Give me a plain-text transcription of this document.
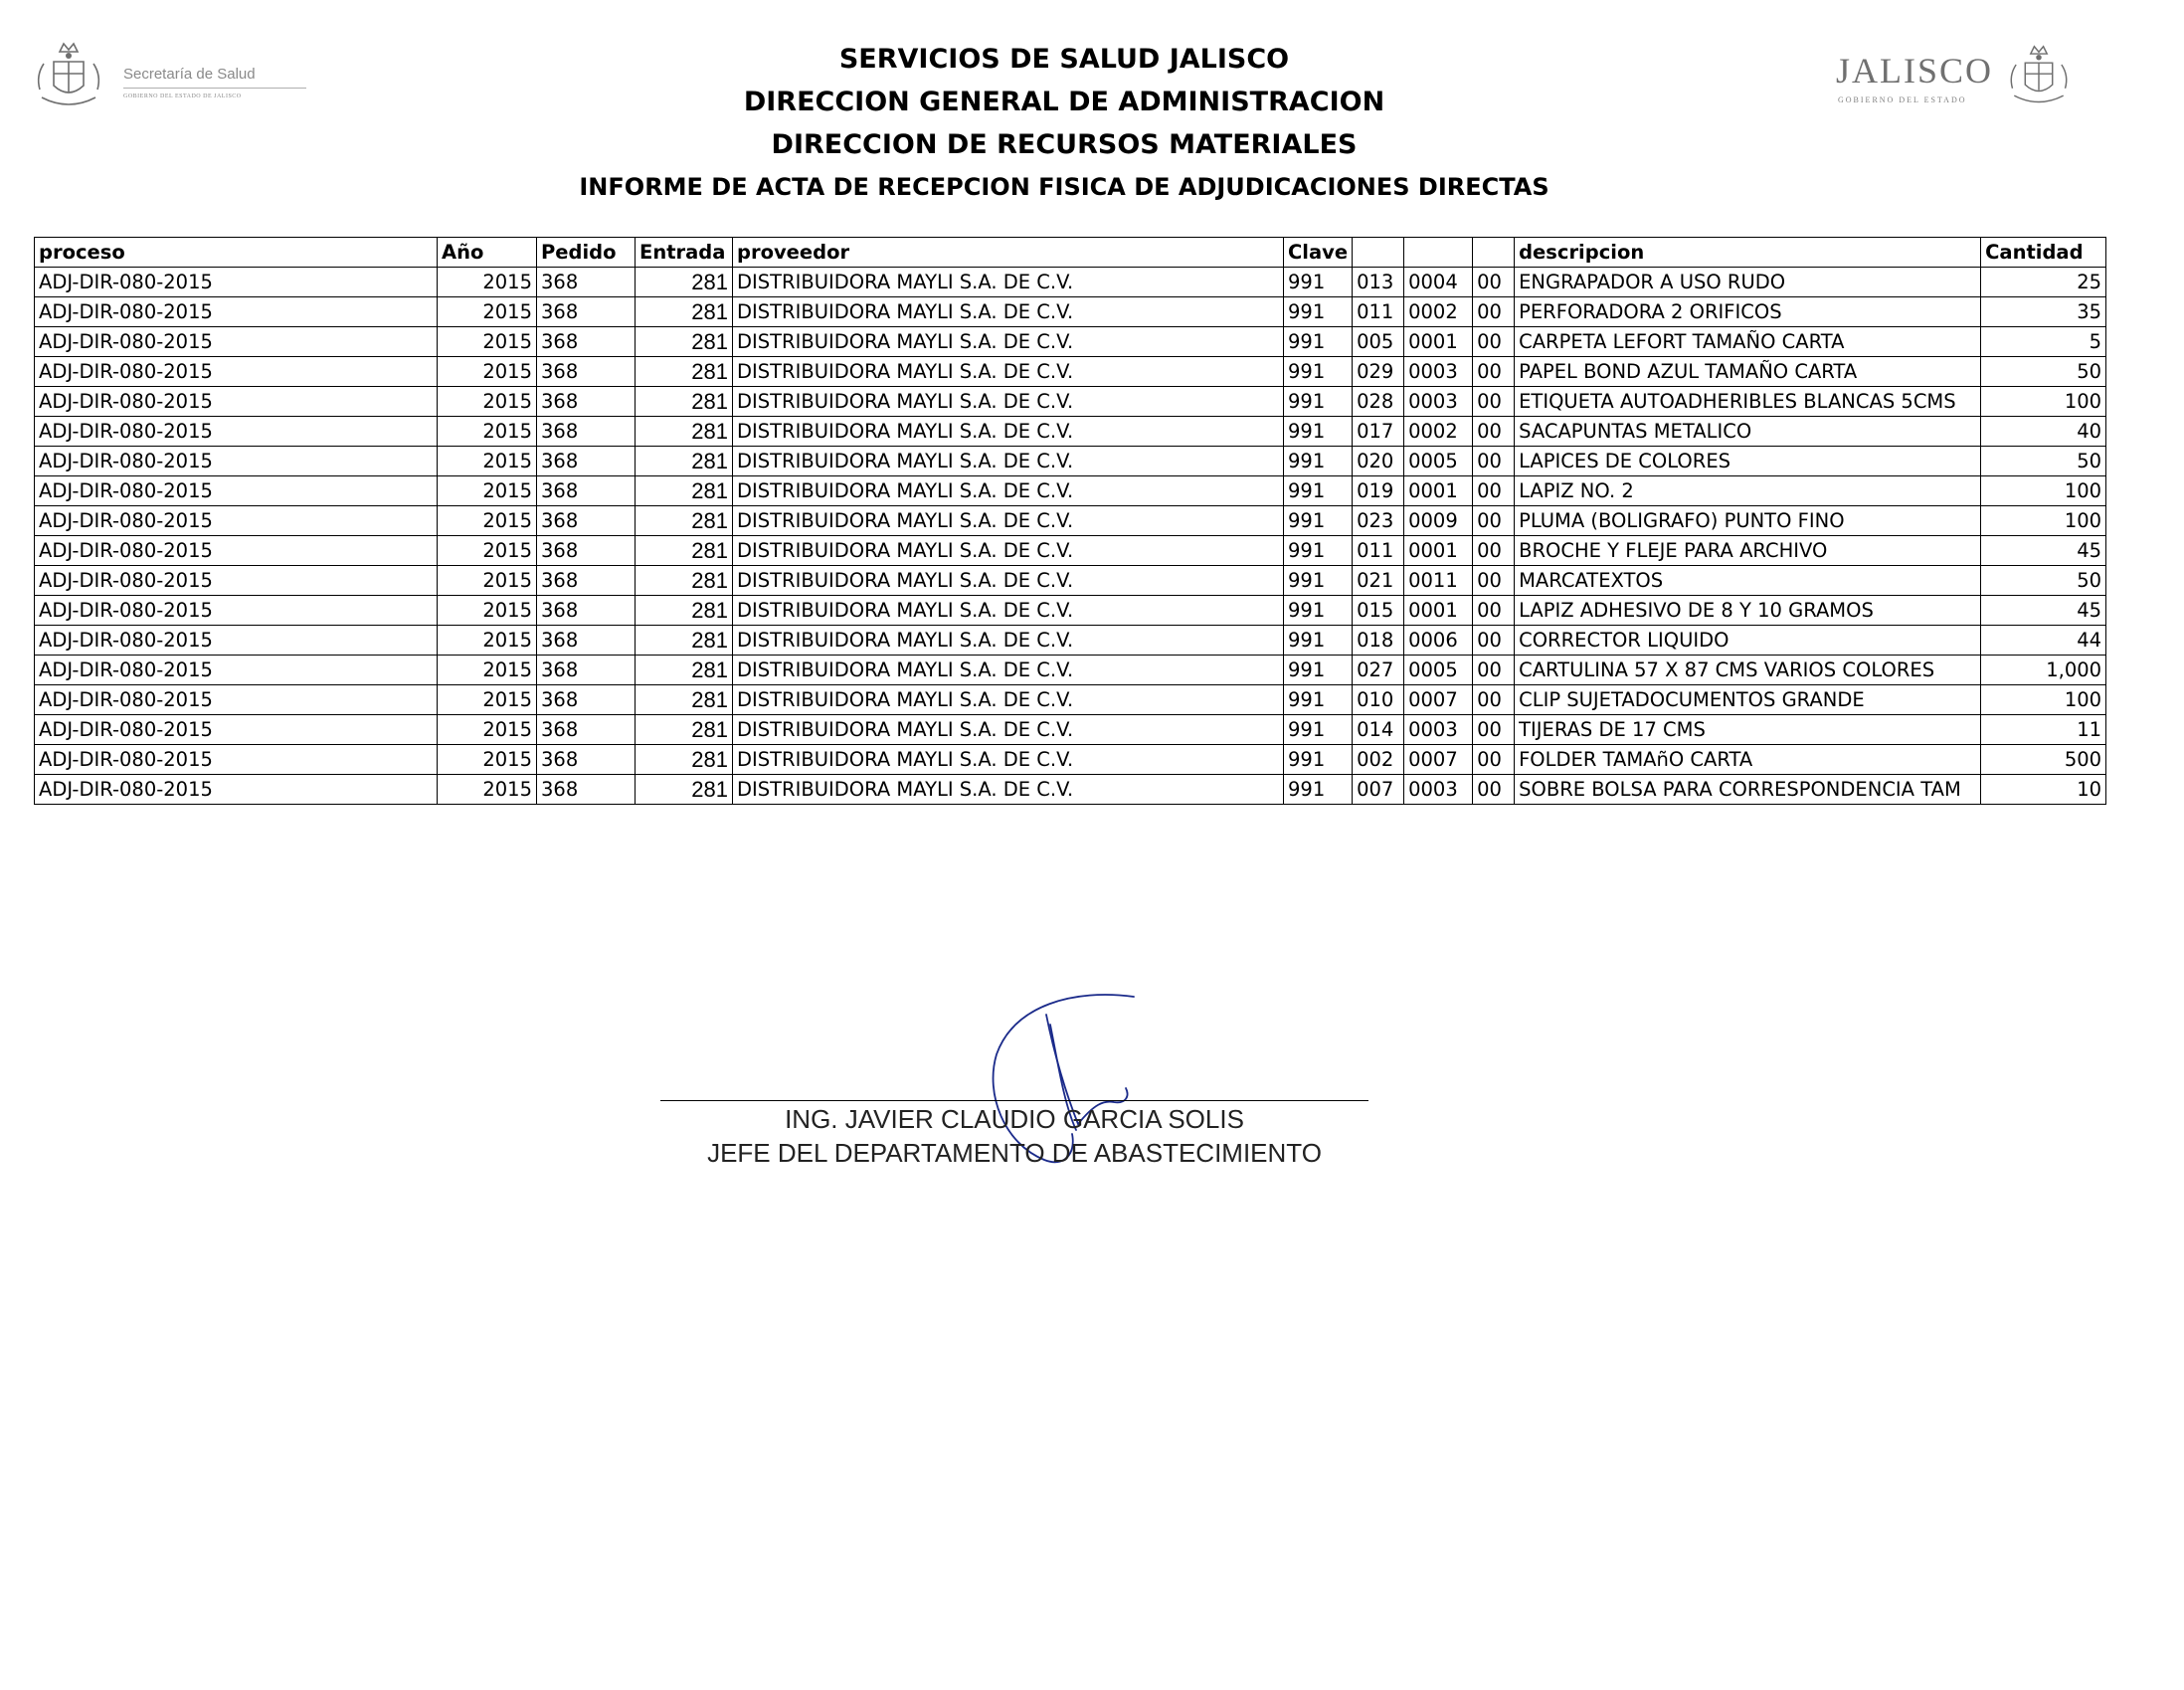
Secretaría de Salud
GOBIERNO DEL ESTADO DE JALISCO
JALISCO
GOBIERNO DEL ESTADO
SERVICIOS DE SALUD JALISCO
DIRECCION GENERAL DE ADMINISTRACION
DIRECCION DE RECURSOS MATERIALES
INFORME DE ACTA DE RECEPCION FISICA DE ADJUDICACIONES DIRECTAS
proceso	Año	Pedido	Entrada	proveedor	Clave				descripcion	Cantidad
ADJ-DIR-080-2015	2015	368	281	DISTRIBUIDORA MAYLI S.A. DE C.V.	991	013	0004	00	ENGRAPADOR A USO RUDO	25
ADJ-DIR-080-2015	2015	368	281	DISTRIBUIDORA MAYLI S.A. DE C.V.	991	011	0002	00	PERFORADORA 2 ORIFICOS	35
ADJ-DIR-080-2015	2015	368	281	DISTRIBUIDORA MAYLI S.A. DE C.V.	991	005	0001	00	CARPETA LEFORT TAMAÑO CARTA	5
ADJ-DIR-080-2015	2015	368	281	DISTRIBUIDORA MAYLI S.A. DE C.V.	991	029	0003	00	PAPEL BOND AZUL TAMAÑO CARTA	50
ADJ-DIR-080-2015	2015	368	281	DISTRIBUIDORA MAYLI S.A. DE C.V.	991	028	0003	00	ETIQUETA AUTOADHERIBLES BLANCAS 5CMS	100
ADJ-DIR-080-2015	2015	368	281	DISTRIBUIDORA MAYLI S.A. DE C.V.	991	017	0002	00	SACAPUNTAS METALICO	40
ADJ-DIR-080-2015	2015	368	281	DISTRIBUIDORA MAYLI S.A. DE C.V.	991	020	0005	00	LAPICES DE COLORES	50
ADJ-DIR-080-2015	2015	368	281	DISTRIBUIDORA MAYLI S.A. DE C.V.	991	019	0001	00	LAPIZ NO. 2	100
ADJ-DIR-080-2015	2015	368	281	DISTRIBUIDORA MAYLI S.A. DE C.V.	991	023	0009	00	PLUMA (BOLIGRAFO) PUNTO FINO	100
ADJ-DIR-080-2015	2015	368	281	DISTRIBUIDORA MAYLI S.A. DE C.V.	991	011	0001	00	BROCHE Y FLEJE PARA ARCHIVO	45
ADJ-DIR-080-2015	2015	368	281	DISTRIBUIDORA MAYLI S.A. DE C.V.	991	021	0011	00	MARCATEXTOS	50
ADJ-DIR-080-2015	2015	368	281	DISTRIBUIDORA MAYLI S.A. DE C.V.	991	015	0001	00	LAPIZ ADHESIVO DE 8 Y 10 GRAMOS	45
ADJ-DIR-080-2015	2015	368	281	DISTRIBUIDORA MAYLI S.A. DE C.V.	991	018	0006	00	CORRECTOR LIQUIDO	44
ADJ-DIR-080-2015	2015	368	281	DISTRIBUIDORA MAYLI S.A. DE C.V.	991	027	0005	00	CARTULINA 57 X 87 CMS VARIOS COLORES	1,000
ADJ-DIR-080-2015	2015	368	281	DISTRIBUIDORA MAYLI S.A. DE C.V.	991	010	0007	00	CLIP SUJETADOCUMENTOS GRANDE	100
ADJ-DIR-080-2015	2015	368	281	DISTRIBUIDORA MAYLI S.A. DE C.V.	991	014	0003	00	TIJERAS DE 17 CMS	11
ADJ-DIR-080-2015	2015	368	281	DISTRIBUIDORA MAYLI S.A. DE C.V.	991	002	0007	00	FOLDER TAMAñO CARTA	500
ADJ-DIR-080-2015	2015	368	281	DISTRIBUIDORA MAYLI S.A. DE C.V.	991	007	0003	00	SOBRE BOLSA PARA CORRESPONDENCIA TAM	10
ING. JAVIER CLAUDIO GARCIA SOLIS
JEFE DEL DEPARTAMENTO DE ABASTECIMIENTO
